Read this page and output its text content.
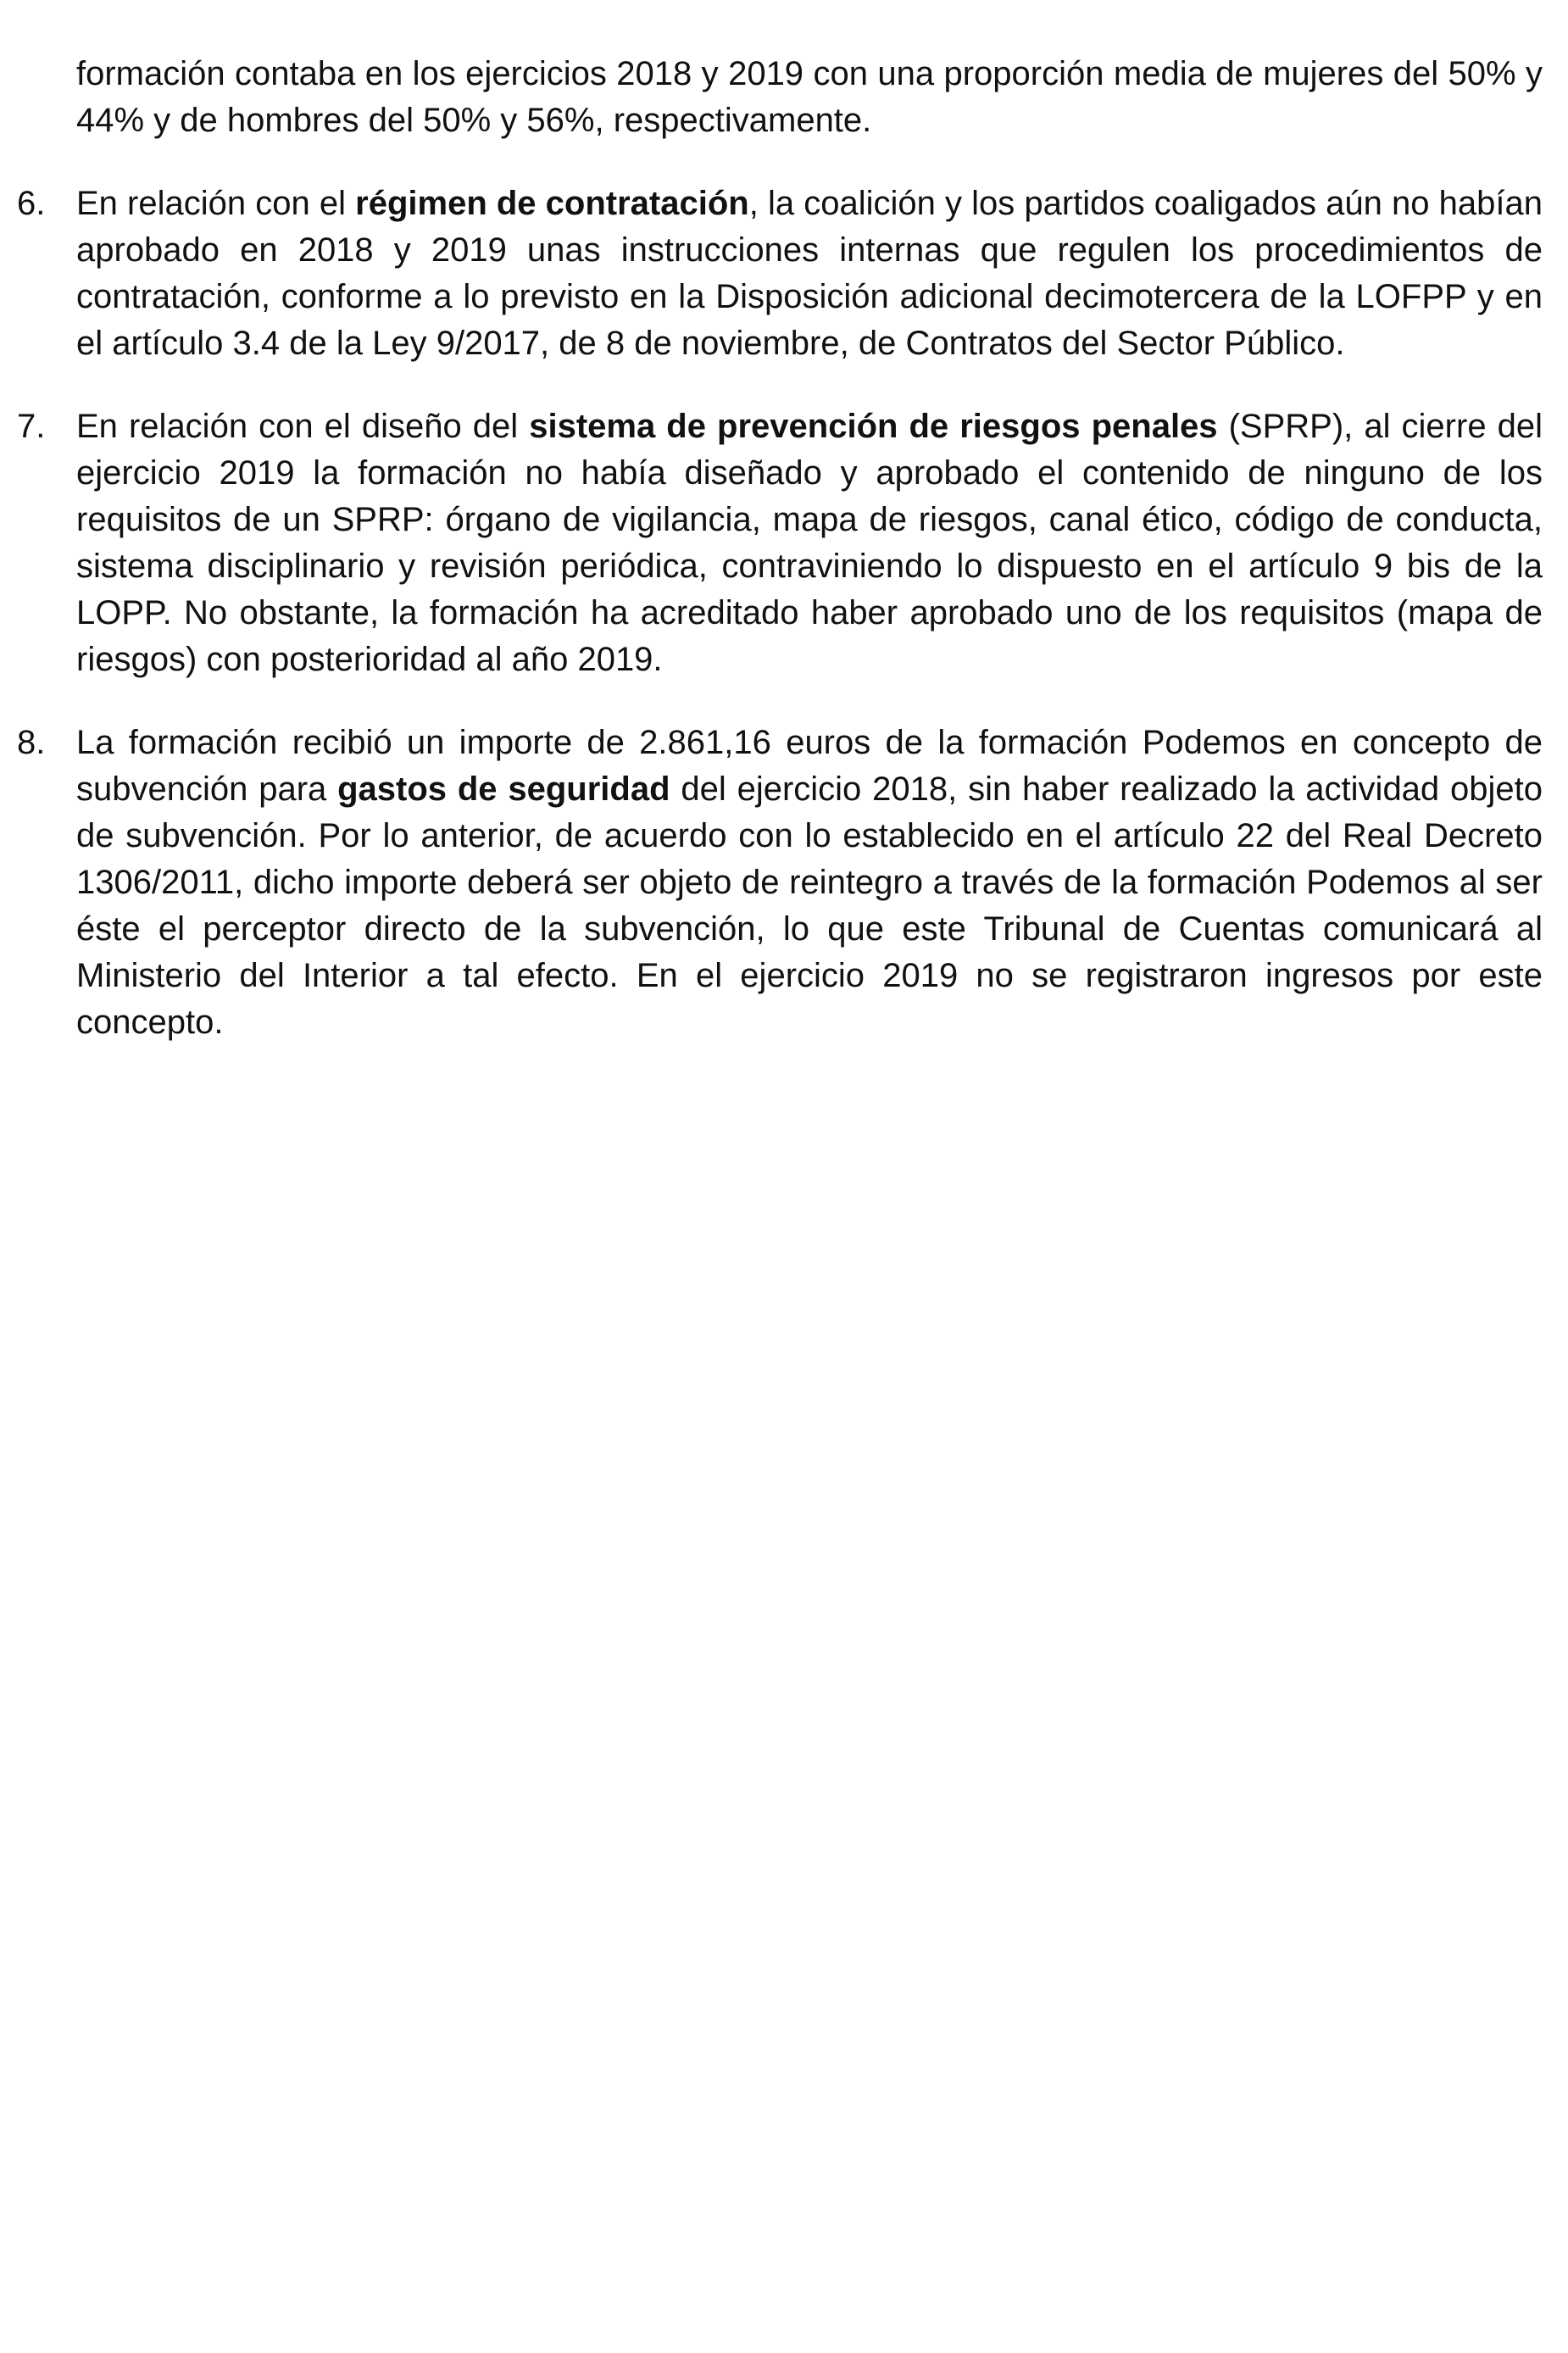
formación contaba en los ejercicios 2018 y 2019 con una proporción media de mujeres del 50% y 44% y de hombres del 50% y 56%, respectivamente.

6. En relación con el régimen de contratación, la coalición y los partidos coaligados aún no habían aprobado en 2018 y 2019 unas instrucciones internas que regulen los procedimientos de contratación, conforme a lo previsto en la Disposición adicional decimotercera de la LOFPP y en el artículo 3.4 de la Ley 9/2017, de 8 de noviembre, de Contratos del Sector Público.

7. En relación con el diseño del sistema de prevención de riesgos penales (SPRP), al cierre del ejercicio 2019 la formación no había diseñado y aprobado el contenido de ninguno de los requisitos de un SPRP: órgano de vigilancia, mapa de riesgos, canal ético, código de conducta, sistema disciplinario y revisión periódica, contraviniendo lo dispuesto en el artículo 9 bis de la LOPP. No obstante, la formación ha acreditado haber aprobado uno de los requisitos (mapa de riesgos) con posterioridad al año 2019.

8. La formación recibió un importe de 2.861,16 euros de la formación Podemos en concepto de subvención para gastos de seguridad del ejercicio 2018, sin haber realizado la actividad objeto de subvención. Por lo anterior, de acuerdo con lo establecido en el artículo 22 del Real Decreto 1306/2011, dicho importe deberá ser objeto de reintegro a través de la formación Podemos al ser éste el perceptor directo de la subvención, lo que este Tribunal de Cuentas comunicará al Ministerio del Interior a tal efecto. En el ejercicio 2019 no se registraron ingresos por este concepto.
